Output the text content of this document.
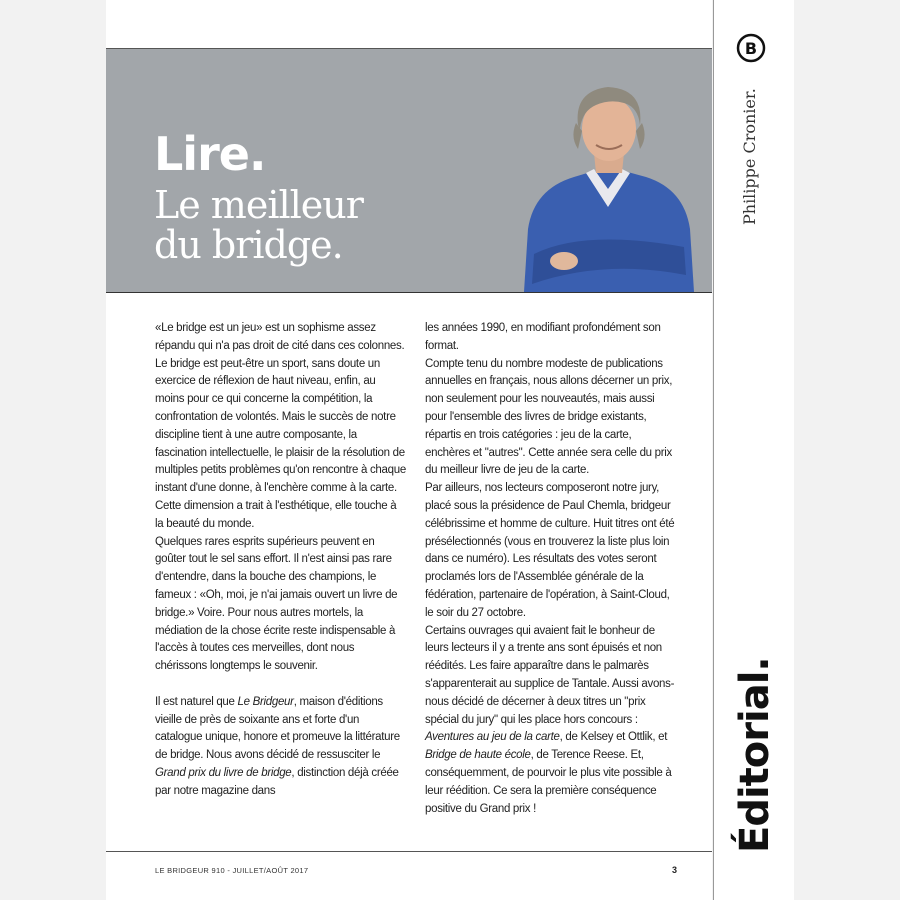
Lire.
Le meilleur
du bridge.

«Le bridge est un jeu» est un sophisme assez répandu qui n'a pas droit de cité dans ces colonnes. Le bridge est peut-être un sport, sans doute un exercice de réflexion de haut niveau, enfin, au moins pour ce qui concerne la compétition, la confrontation de volontés. Mais le succès de notre discipline tient à une autre composante, la fascination intellectuelle, le plaisir de la résolution de multiples petits problèmes qu'on rencontre à chaque instant d'une donne, à l'enchère comme à la carte. Cette dimension a trait à l'esthétique, elle touche à la beauté du monde.

Quelques rares esprits supérieurs peuvent en goûter tout le sel sans effort. Il n'est ainsi pas rare d'entendre, dans la bouche des champions, le fameux : «Oh, moi, je n'ai jamais ouvert un livre de bridge.» Voire. Pour nous autres mortels, la médiation de la chose écrite reste indispensable à l'accès à toutes ces merveilles, dont nous chérissons longtemps le souvenir.

Il est naturel que Le Bridgeur, maison d'éditions vieille de près de soixante ans et forte d'un catalogue unique, honore et promeuve la littérature de bridge. Nous avons décidé de ressusciter le Grand prix du livre de bridge, distinction déjà créée par notre magazine dans

les années 1990, en modifiant profondément son format.

Compte tenu du nombre modeste de publications annuelles en français, nous allons décerner un prix, non seulement pour les nouveautés, mais aussi pour l'ensemble des livres de bridge existants, répartis en trois catégories : jeu de la carte, enchères et "autres". Cette année sera celle du prix du meilleur livre de jeu de la carte.

Par ailleurs, nos lecteurs composeront notre jury, placé sous la présidence de Paul Chemla, bridgeur célébrissime et homme de culture. Huit titres ont été présélectionnés (vous en trouverez la liste plus loin dans ce numéro). Les résultats des votes seront proclamés lors de l'Assemblée générale de la fédération, partenaire de l'opération, à Saint-Cloud, le soir du 27 octobre.

Certains ouvrages qui avaient fait le bonheur de leurs lecteurs il y a trente ans sont épuisés et non réédités. Les faire apparaître dans le palmarès s'apparenterait au supplice de Tantale. Aussi avons-nous décidé de décerner à deux titres un "prix spécial du jury" qui les place hors concours : Aventures au jeu de la carte, de Kelsey et Ottlik, et Bridge de haute école, de Terence Reese. Et, conséquemment, de pourvoir le plus vite possible à leur réédition. Ce sera la première conséquence positive du Grand prix !

LE BRIDGEUR 910 - JUILLET/AOÛT 2017	3
B
Philippe Cronier.
Éditorial.
